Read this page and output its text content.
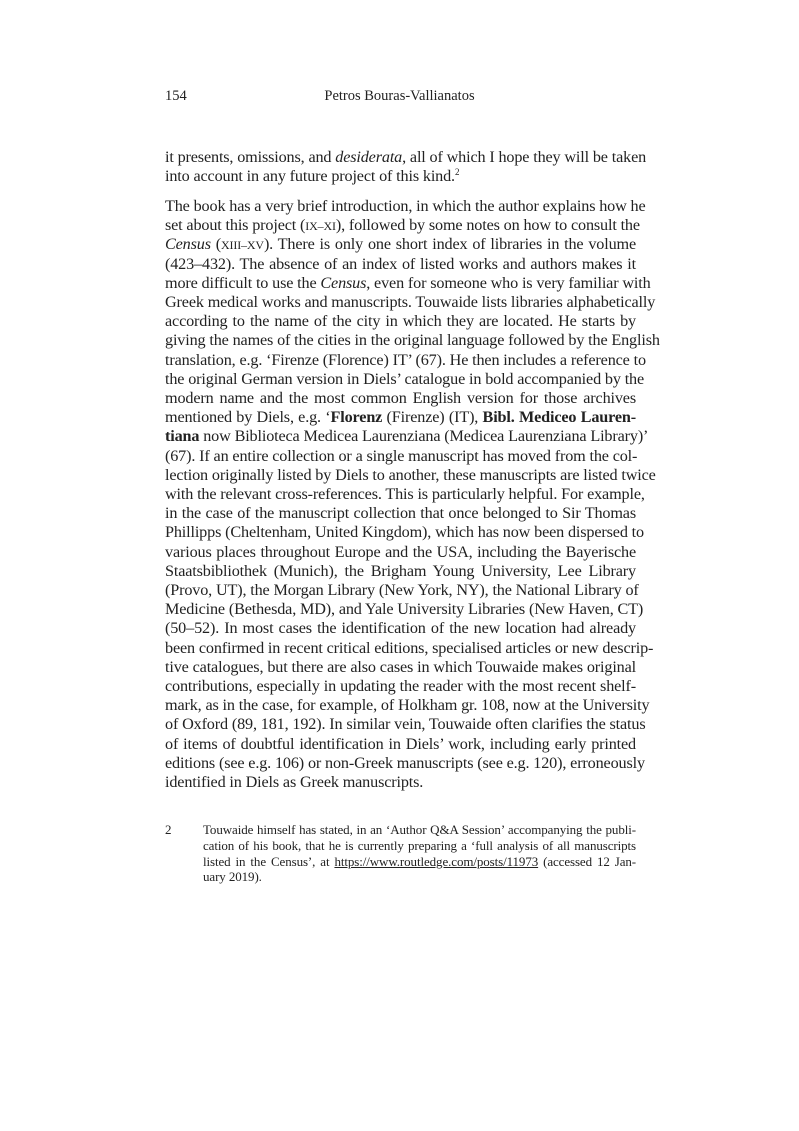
154	Petros Bouras-Vallianatos
it presents, omissions, and desiderata, all of which I hope they will be taken
into account in any future project of this kind.$^2$
The book has a very brief introduction, in which the author explains how he
set about this project (IX–XI), followed by some notes on how to consult the
Census (XIII–XV). There is only one short index of libraries in the volume
(423–432). The absence of an index of listed works and authors makes it
more difficult to use the Census, even for someone who is very familiar with
Greek medical works and manuscripts. Touwaide lists libraries alphabetically
according to the name of the city in which they are located. He starts by
giving the names of the cities in the original language followed by the English
translation, e.g. ‘Firenze (Florence) IT’ (67). He then includes a reference to
the original German version in Diels’ catalogue in bold accompanied by the
modern name and the most common English version for those archives
mentioned by Diels, e.g. ‘Florenz (Firenze) (IT), Bibl. Mediceo Lauren-
tiana now Biblioteca Medicea Laurenziana (Medicea Laurenziana Library)’
(67). If an entire collection or a single manuscript has moved from the col-
lection originally listed by Diels to another, these manuscripts are listed twice
with the relevant cross-references. This is particularly helpful. For example,
in the case of the manuscript collection that once belonged to Sir Thomas
Phillipps (Cheltenham, United Kingdom), which has now been dispersed to
various places throughout Europe and the USA, including the Bayerische
Staatsbibliothek (Munich), the Brigham Young University, Lee Library
(Provo, UT), the Morgan Library (New York, NY), the National Library of
Medicine (Bethesda, MD), and Yale University Libraries (New Haven, CT)
(50–52). In most cases the identification of the new location had already
been confirmed in recent critical editions, specialised articles or new descrip-
tive catalogues, but there are also cases in which Touwaide makes original
contributions, especially in updating the reader with the most recent shelf-
mark, as in the case, for example, of Holkham gr. 108, now at the University
of Oxford (89, 181, 192). In similar vein, Touwaide often clarifies the status
of items of doubtful identification in Diels’ work, including early printed
editions (see e.g. 106) or non-Greek manuscripts (see e.g. 120), erroneously
identified in Diels as Greek manuscripts.
2 Touwaide himself has stated, in an ‘Author Q&A Session’ accompanying the publi-
cation of his book, that he is currently preparing a ‘full analysis of all manuscripts
listed in the Census’, at https://www.routledge.com/posts/11973 (accessed 12 Jan-
uary 2019).
